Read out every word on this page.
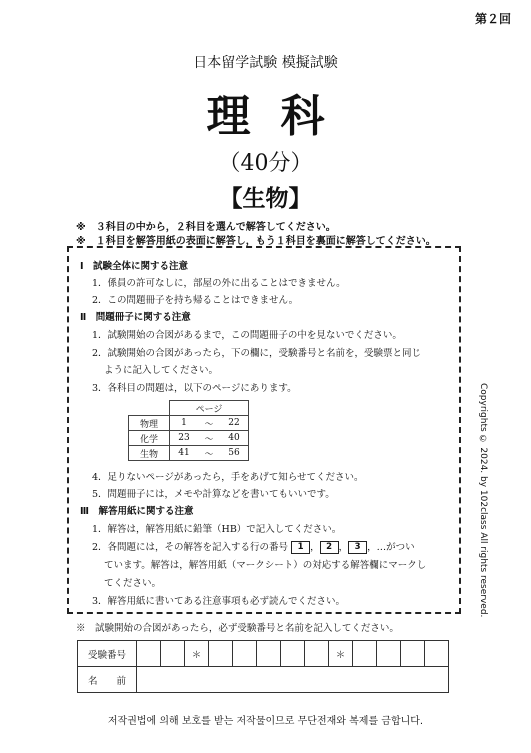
第２回
日本留学試験 模擬試験
理科
（40分）
【生物】
※　３科目の中から，２科目を選んで解答してください。
※　１科目を解答用紙の表面に解答し，もう１科目を裏面に解答してください。
Ⅰ　試験全体に関する注意
1．係員の許可なしに，部屋の外に出ることはできません。
2．この問題冊子を持ち帰ることはできません。
Ⅱ　問題冊子に関する注意
1．試験開始の合図があるまで，この問題冊子の中を見ないでください。
2．試験開始の合図があったら，下の欄に，受験番号と名前を，受験票と同じ
ように記入してください。
3．各科目の問題は，以下のページにあります。
	ページ		
物理	1	～	22
化学	23	～	40
生物	41	～	56
4．足りないページがあったら，手をあげて知らせてください。
5．問題冊子には，メモや計算などを書いてもいいです。
Ⅲ　解答用紙に関する注意
1．解答は，解答用紙に鉛筆（HB）で記入してください。
2．各問題には，その解答を記入する行の番号 1 ， 2 ， 3 ，…がつい
ています。解答は，解答用紙（マークシート）の対応する解答欄にマークし
てください。
3．解答用紙に書いてある注意事項も必ず読んでください。
※　試験開始の合図があったら，必ず受験番号と名前を記入してください。
受験番号			＊						＊				
名　　前													
Copyrights © 2024. by 102class All rights reserved.
저작권법에 의해 보호를 받는 저작물이므로 무단전재와 복제를 금합니다.
